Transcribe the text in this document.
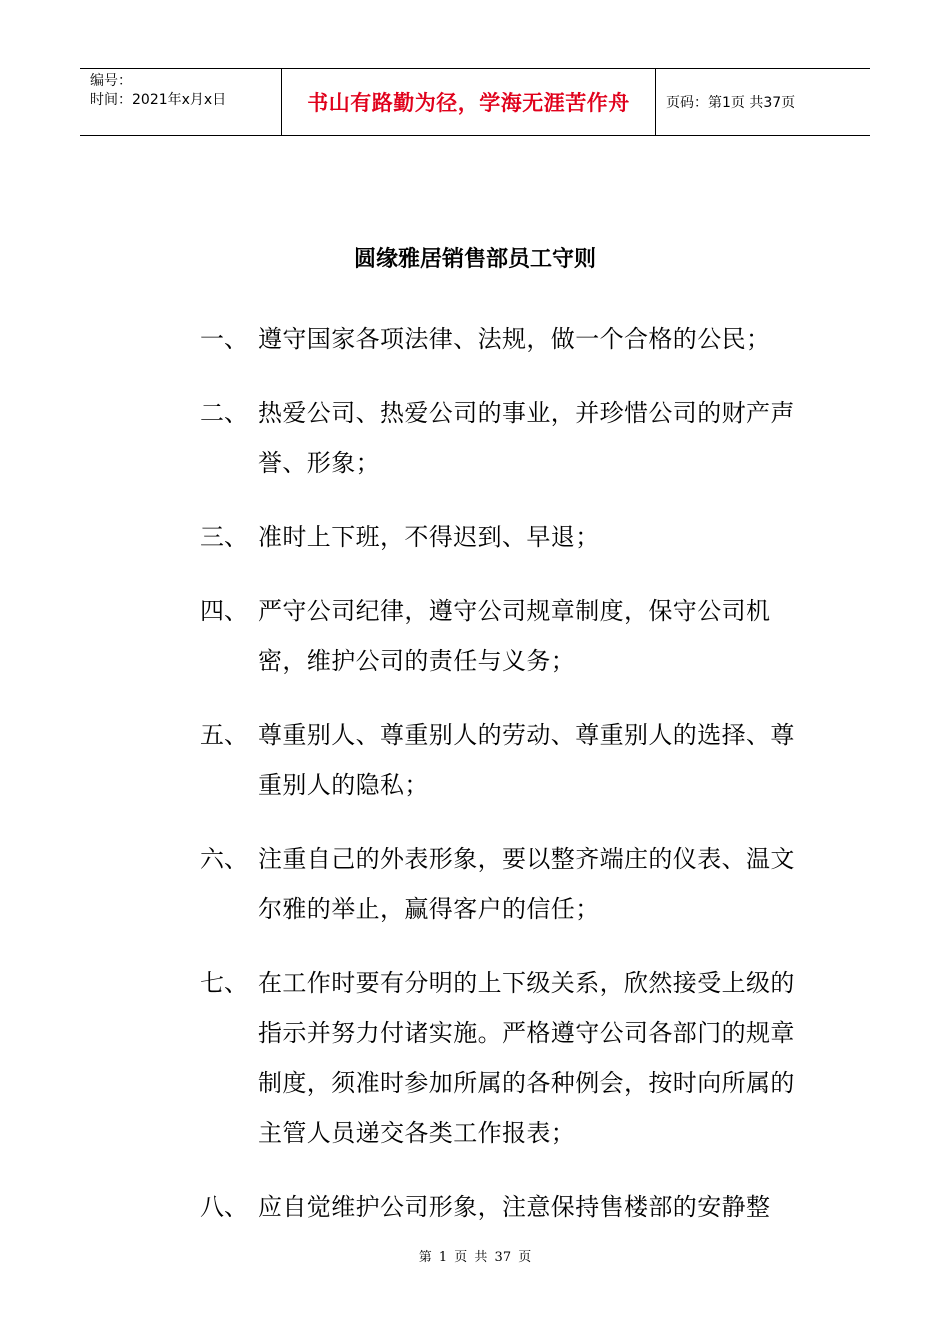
编号：
时间：2021年x月x日	书山有路勤为径，学海无涯苦作舟	页码：第1页 共37页
圆缘雅居销售部员工守则
一、 遵守国家各项法律、法规，做一个合格的公民；
二、 热爱公司、热爱公司的事业，并珍惜公司的财产声誉、形象；
三、 准时上下班，不得迟到、早退；
四、 严守公司纪律，遵守公司规章制度，保守公司机密，维护公司的责任与义务；
五、 尊重别人、尊重别人的劳动、尊重别人的选择、尊重别人的隐私；
六、 注重自己的外表形象，要以整齐端庄的仪表、温文尔雅的举止，赢得客户的信任；
七、 在工作时要有分明的上下级关系，欣然接受上级的指示并努力付诸实施。严格遵守公司各部门的规章制度，须准时参加所属的各种例会，按时向所属的主管人员递交各类工作报表；
八、 应自觉维护公司形象，注意保持售楼部的安静整
第 1 页 共 37 页
